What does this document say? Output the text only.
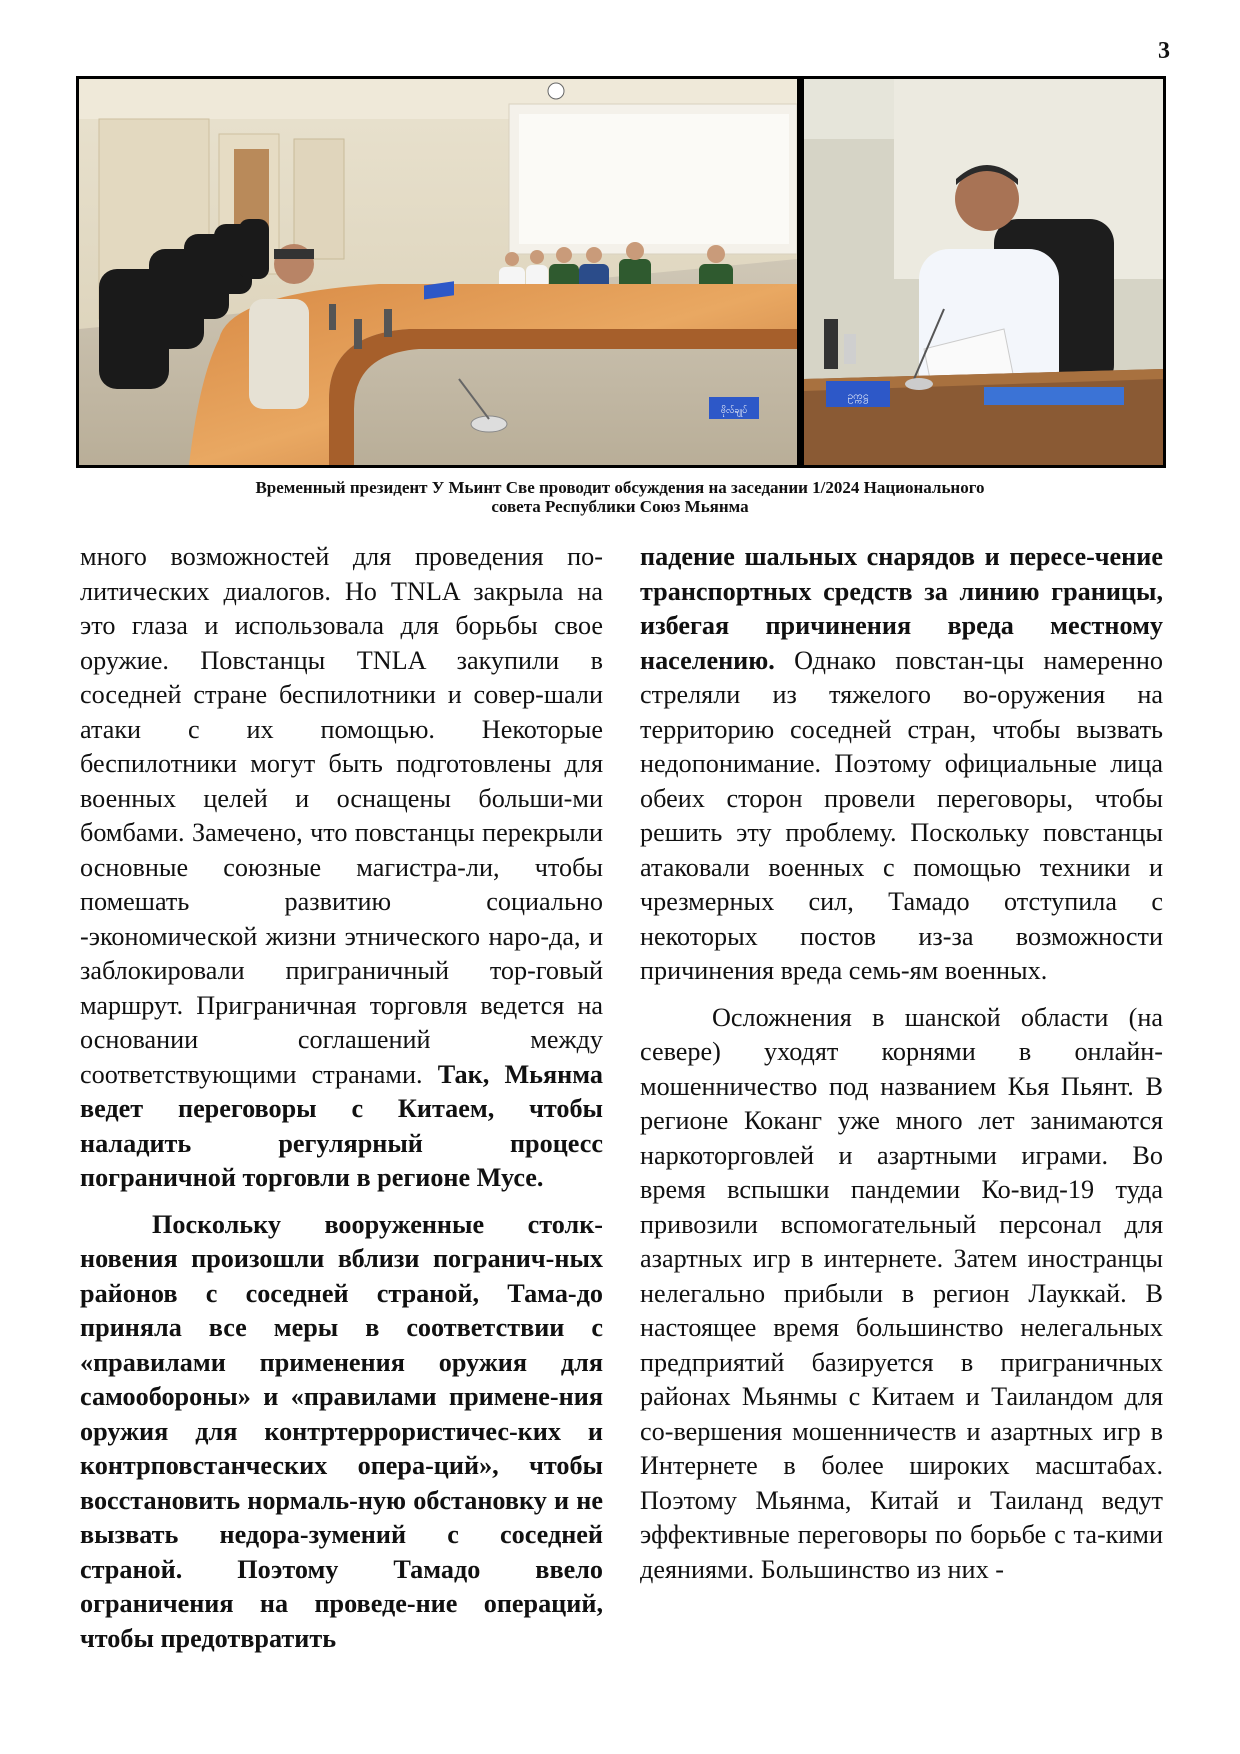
3
ဗိုလ်ချုပ်
ဥက္ကဋ္ဌ
Временный президент У Мьинт Све проводит обсуждения на заседании 1/2024 Национального
совета Республики Союз Мьянма

много возможностей для проведения по-литических диалогов. Но TNLA закрыла на это глаза и использовала для борьбы свое оружие. Повстанцы TNLA закупили в соседней стране беспилотники и совер-шали атаки с их помощью. Некоторые беспилотники могут быть подготовлены для военных целей и оснащены больши-ми бомбами. Замечено, что повстанцы перекрыли основные союзные магистра-ли, чтобы помешать развитию социально -экономической жизни этнического наро-да, и заблокировали приграничный тор-говый маршрут. Приграничная торговля ведется на основании соглашений между соответствующими странами. Так, Мьянма ведет переговоры с Китаем, чтобы наладить регулярный процесс пограничной торговли в регионе Мусе.

Поскольку вооруженные столк-новения произошли вблизи погранич-ных районов с соседней страной, Тама-до приняла все меры в соответствии с «правилами применения оружия для самообороны» и «правилами примене-ния оружия для контртеррористичес-ких и контрповстанческих опера-ций», чтобы восстановить нормаль-ную обстановку и не вызвать недора-зумений с соседней страной. Поэтому Тамадо ввело ограничения на проведе-ние операций, чтобы предотвратить

падение шальных снарядов и пересе-чение транспортных средств за линию границы, избегая причинения вреда местному населению. Однако повстан-цы намеренно стреляли из тяжелого во-оружения на территорию соседней стран, чтобы вызвать недопонимание. Поэтому официальные лица обеих сторон провели переговоры, чтобы решить эту проблему. Поскольку повстанцы атаковали военных с помощью техники и чрезмерных сил, Тамадо отступила с некоторых постов из-за возможности причинения вреда семь-ям военных.

Осложнения в шанской области (на севере) уходят корнями в онлайн-мошенничество под названием Кья Пьянт. В регионе Коканг уже много лет занимаются наркоторговлей и азартными играми. Во время вспышки пандемии Ко-вид-19 туда привозили вспомогательный персонал для азартных игр в интернете. Затем иностранцы нелегально прибыли в регион Лауккай. В настоящее время большинство нелегальных предприятий базируется в приграничных районах Мьянмы с Китаем и Таиландом для со-вершения мошенничеств и азартных игр в Интернете в более широких масштабах. Поэтому Мьянма, Китай и Таиланд ведут эффективные переговоры по борьбе с та-кими деяниями. Большинство из них -
